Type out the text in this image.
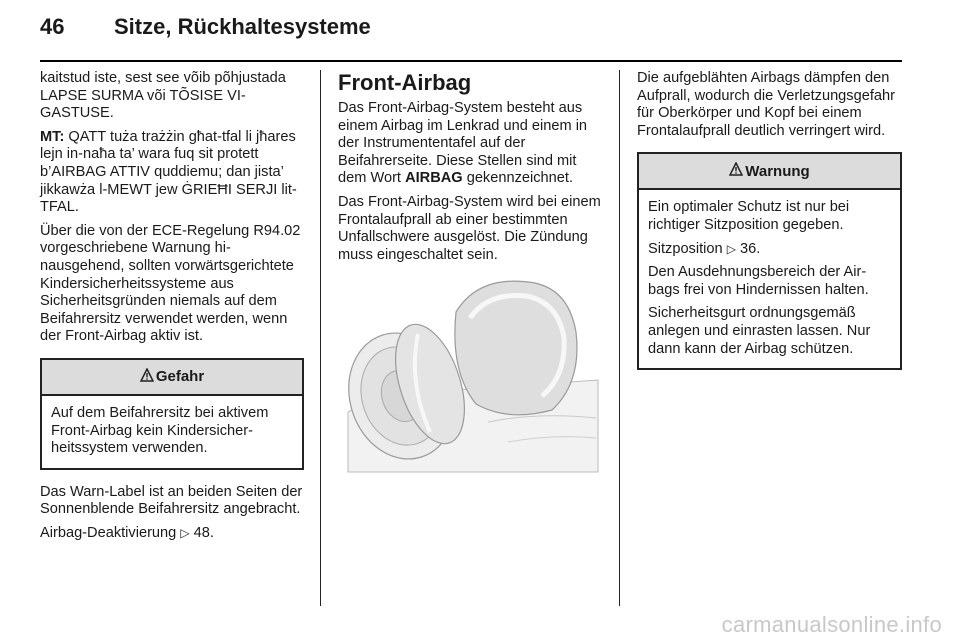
46 Sitze, Rückhaltesysteme

kaitstud iste, sest see võib põhjustada LAPSE SURMA või TÕSISE VIGASTUSE.

MT: QATT tuża trażżin għat-tfal li jħares lejn in-naħa ta’ wara fuq sit protett b’AIRBAG ATTIV quddiemu; dan jista’ jikkawża l-MEWT jew ĠRIEĦI SERJI lit-TFAL.

Über die von der ECE-Regelung R94.02 vorgeschriebene Warnung hinausgehend, sollten vorwärtsgerichtete Kindersicherheitssysteme aus Sicherheitsgründen niemals auf dem Beifahrersitz verwendet werden, wenn der Front-Airbag aktiv ist.

Gefahr

Auf dem Beifahrersitz bei aktivem Front-Airbag kein Kindersicherheitssystem verwenden.

Das Warn-Label ist an beiden Seiten der Sonnenblende Beifahrersitz angebracht.

Airbag-Deaktivierung ▷ 48.

Front-Airbag

Das Front-Airbag-System besteht aus einem Airbag im Lenkrad und einem in der Instrumententafel auf der Beifahrerseite. Diese Stellen sind mit dem Wort AIRBAG gekennzeichnet.

Das Front-Airbag-System wird bei einem Frontalaufprall ab einer bestimmten Unfallschwere ausgelöst. Die Zündung muss eingeschaltet sein.

Die aufgeblähten Airbags dämpfen den Aufprall, wodurch die Verletzungsgefahr für Oberkörper und Kopf bei einem Frontalaufprall deutlich verringert wird.

Warnung

Ein optimaler Schutz ist nur bei richtiger Sitzposition gegeben.

Sitzposition ▷ 36.

Den Ausdehnungsbereich der Airbags frei von Hindernissen halten.

Sicherheitsgurt ordnungsgemäß anlegen und einrasten lassen. Nur dann kann der Airbag schützen.

carmanualsonline.info
